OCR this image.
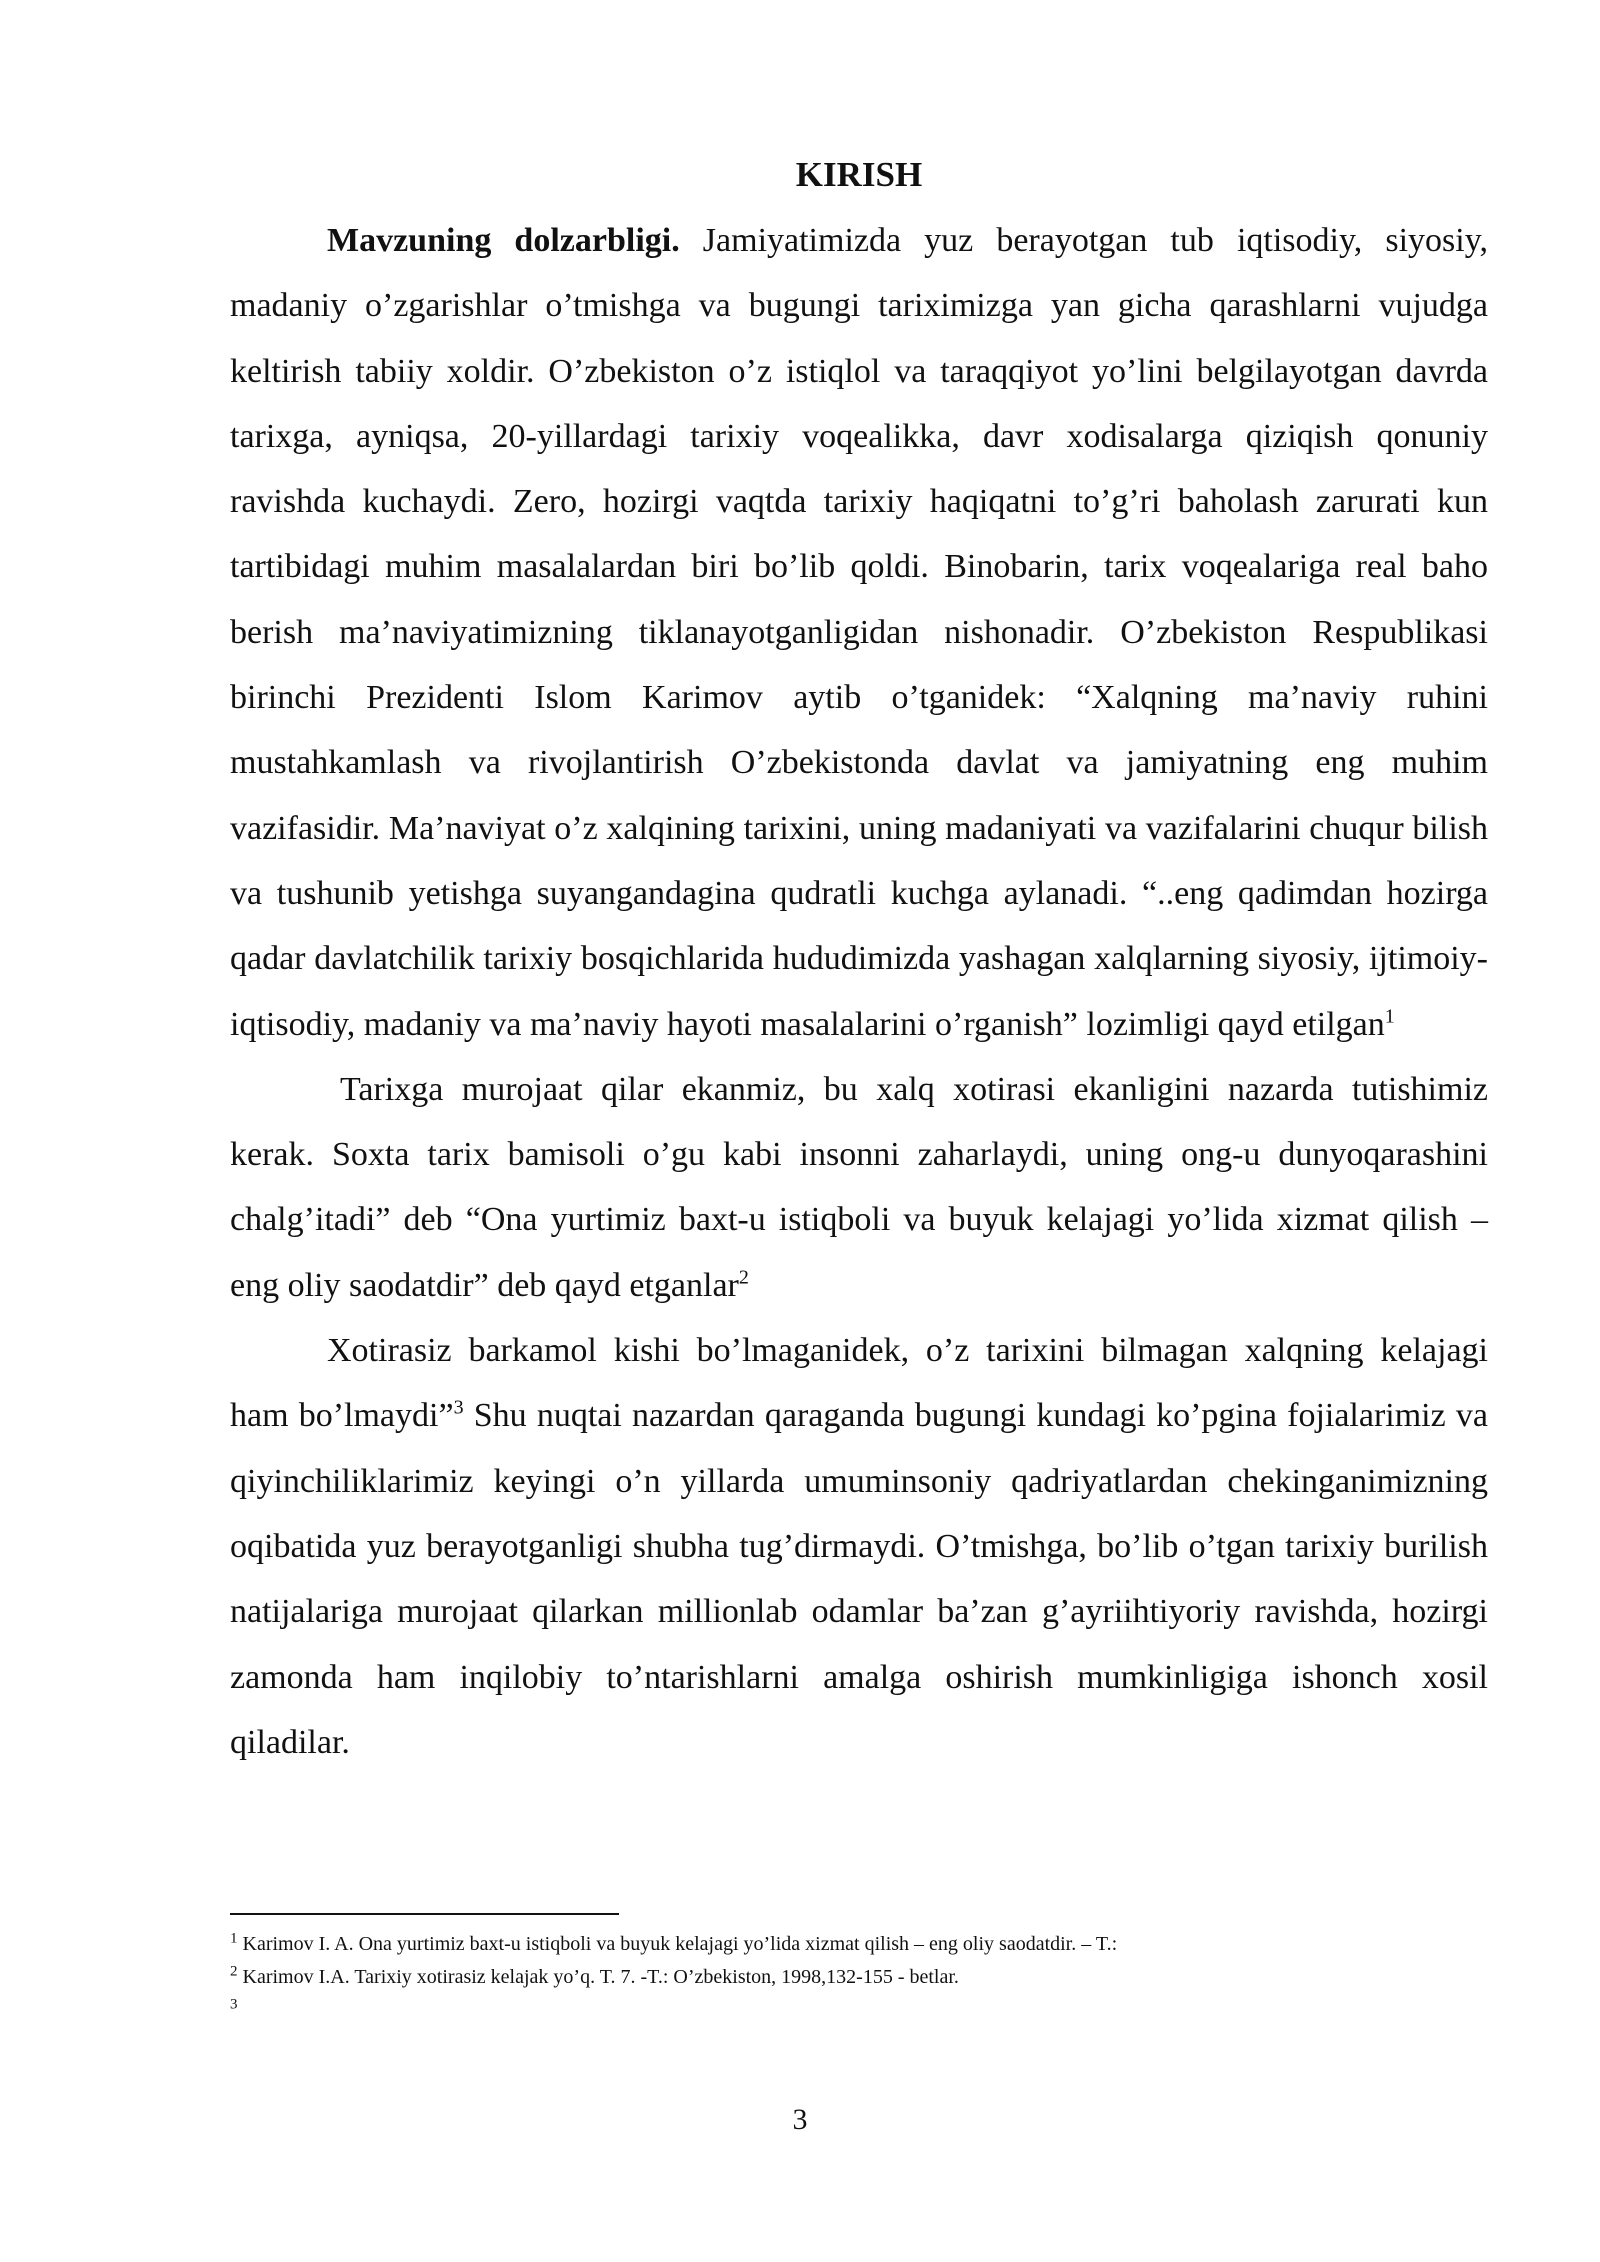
KIRISH

Mavzuning dolzarbligi. Jamiyatimizda yuz berayotgan tub iqtisodiy, siyosiy, madaniy o’zgarishlar o’tmishga va bugungi tariximizga yan gicha qarashlarni vujudga keltirish tabiiy xoldir. O’zbekiston o’z istiqlol va taraqqiyot yo’lini belgilayotgan davrda tarixga, ayniqsa, 20-yillardagi tarixiy voqealikka, davr xodisalarga qiziqish qonuniy ravishda kuchaydi. Zero, hozirgi vaqtda tarixiy haqiqatni to’g’ri baholash zarurati kun tartibidagi muhim masalalardan biri bo’lib qoldi. Binobarin, tarix voqealariga real baho berish ma’naviyatimizning tiklanayotganligidan nishonadir. O’zbekiston Respublikasi birinchi Prezidenti Islom Karimov aytib o’tganidek: “Xalqning ma’naviy ruhini mustahkamlash va rivojlantirish O’zbekistonda davlat va jamiyatning eng muhim vazifasidir. Ma’naviyat o’z xalqining tarixini, uning madaniyati va vazifalarini chuqur bilish va tushunib yetishga suyangandagina qudratli kuchga aylanadi. “..eng qadimdan hozirga qadar davlatchilik tarixiy bosqichlarida hududimizda yashagan xalqlarning siyosiy, ijtimoiy-iqtisodiy, madaniy va ma’naviy hayoti masalalarini o’rganish” lozimligi qayd etilgan$^1$

Tarixga murojaat qilar ekanmiz, bu xalq xotirasi ekanligini nazarda tutishimiz kerak. Soxta tarix bamisoli o’gu kabi insonni zaharlaydi, uning ong-u dunyoqarashini chalg’itadi” deb “Ona yurtimiz baxt-u istiqboli va buyuk kelajagi yo’lida xizmat qilish – eng oliy saodatdir” deb qayd etganlar$^2$

Xotirasiz barkamol kishi bo’lmaganidek, o’z tarixini bilmagan xalqning kelajagi ham bo’lmaydi”$^3$ Shu nuqtai nazardan qaraganda bugungi kundagi ko’pgina fojialarimiz va qiyinchiliklarimiz keyingi o’n yillarda umuminsoniy qadriyatlardan chekinganimizning oqibatida yuz berayotganligi shubha tug’dirmaydi. O’tmishga, bo’lib o’tgan tarixiy burilish natijalariga murojaat qilarkan millionlab odamlar ba’zan g’ayriihtiyoriy ravishda, hozirgi zamonda ham inqilobiy to’ntarishlarni amalga oshirish mumkinligiga ishonch xosil qiladilar.

$^1$ Karimov I. A. Ona yurtimiz baxt-u istiqboli va buyuk kelajagi yo’lida xizmat qilish – eng oliy saodatdir. – T.:

$^2$ Karimov I.A. Tarixiy xotirasiz kelajak yo’q. T. 7. -T.: O’zbekiston, 1998,132-155 - betlar.

$^3$

3
